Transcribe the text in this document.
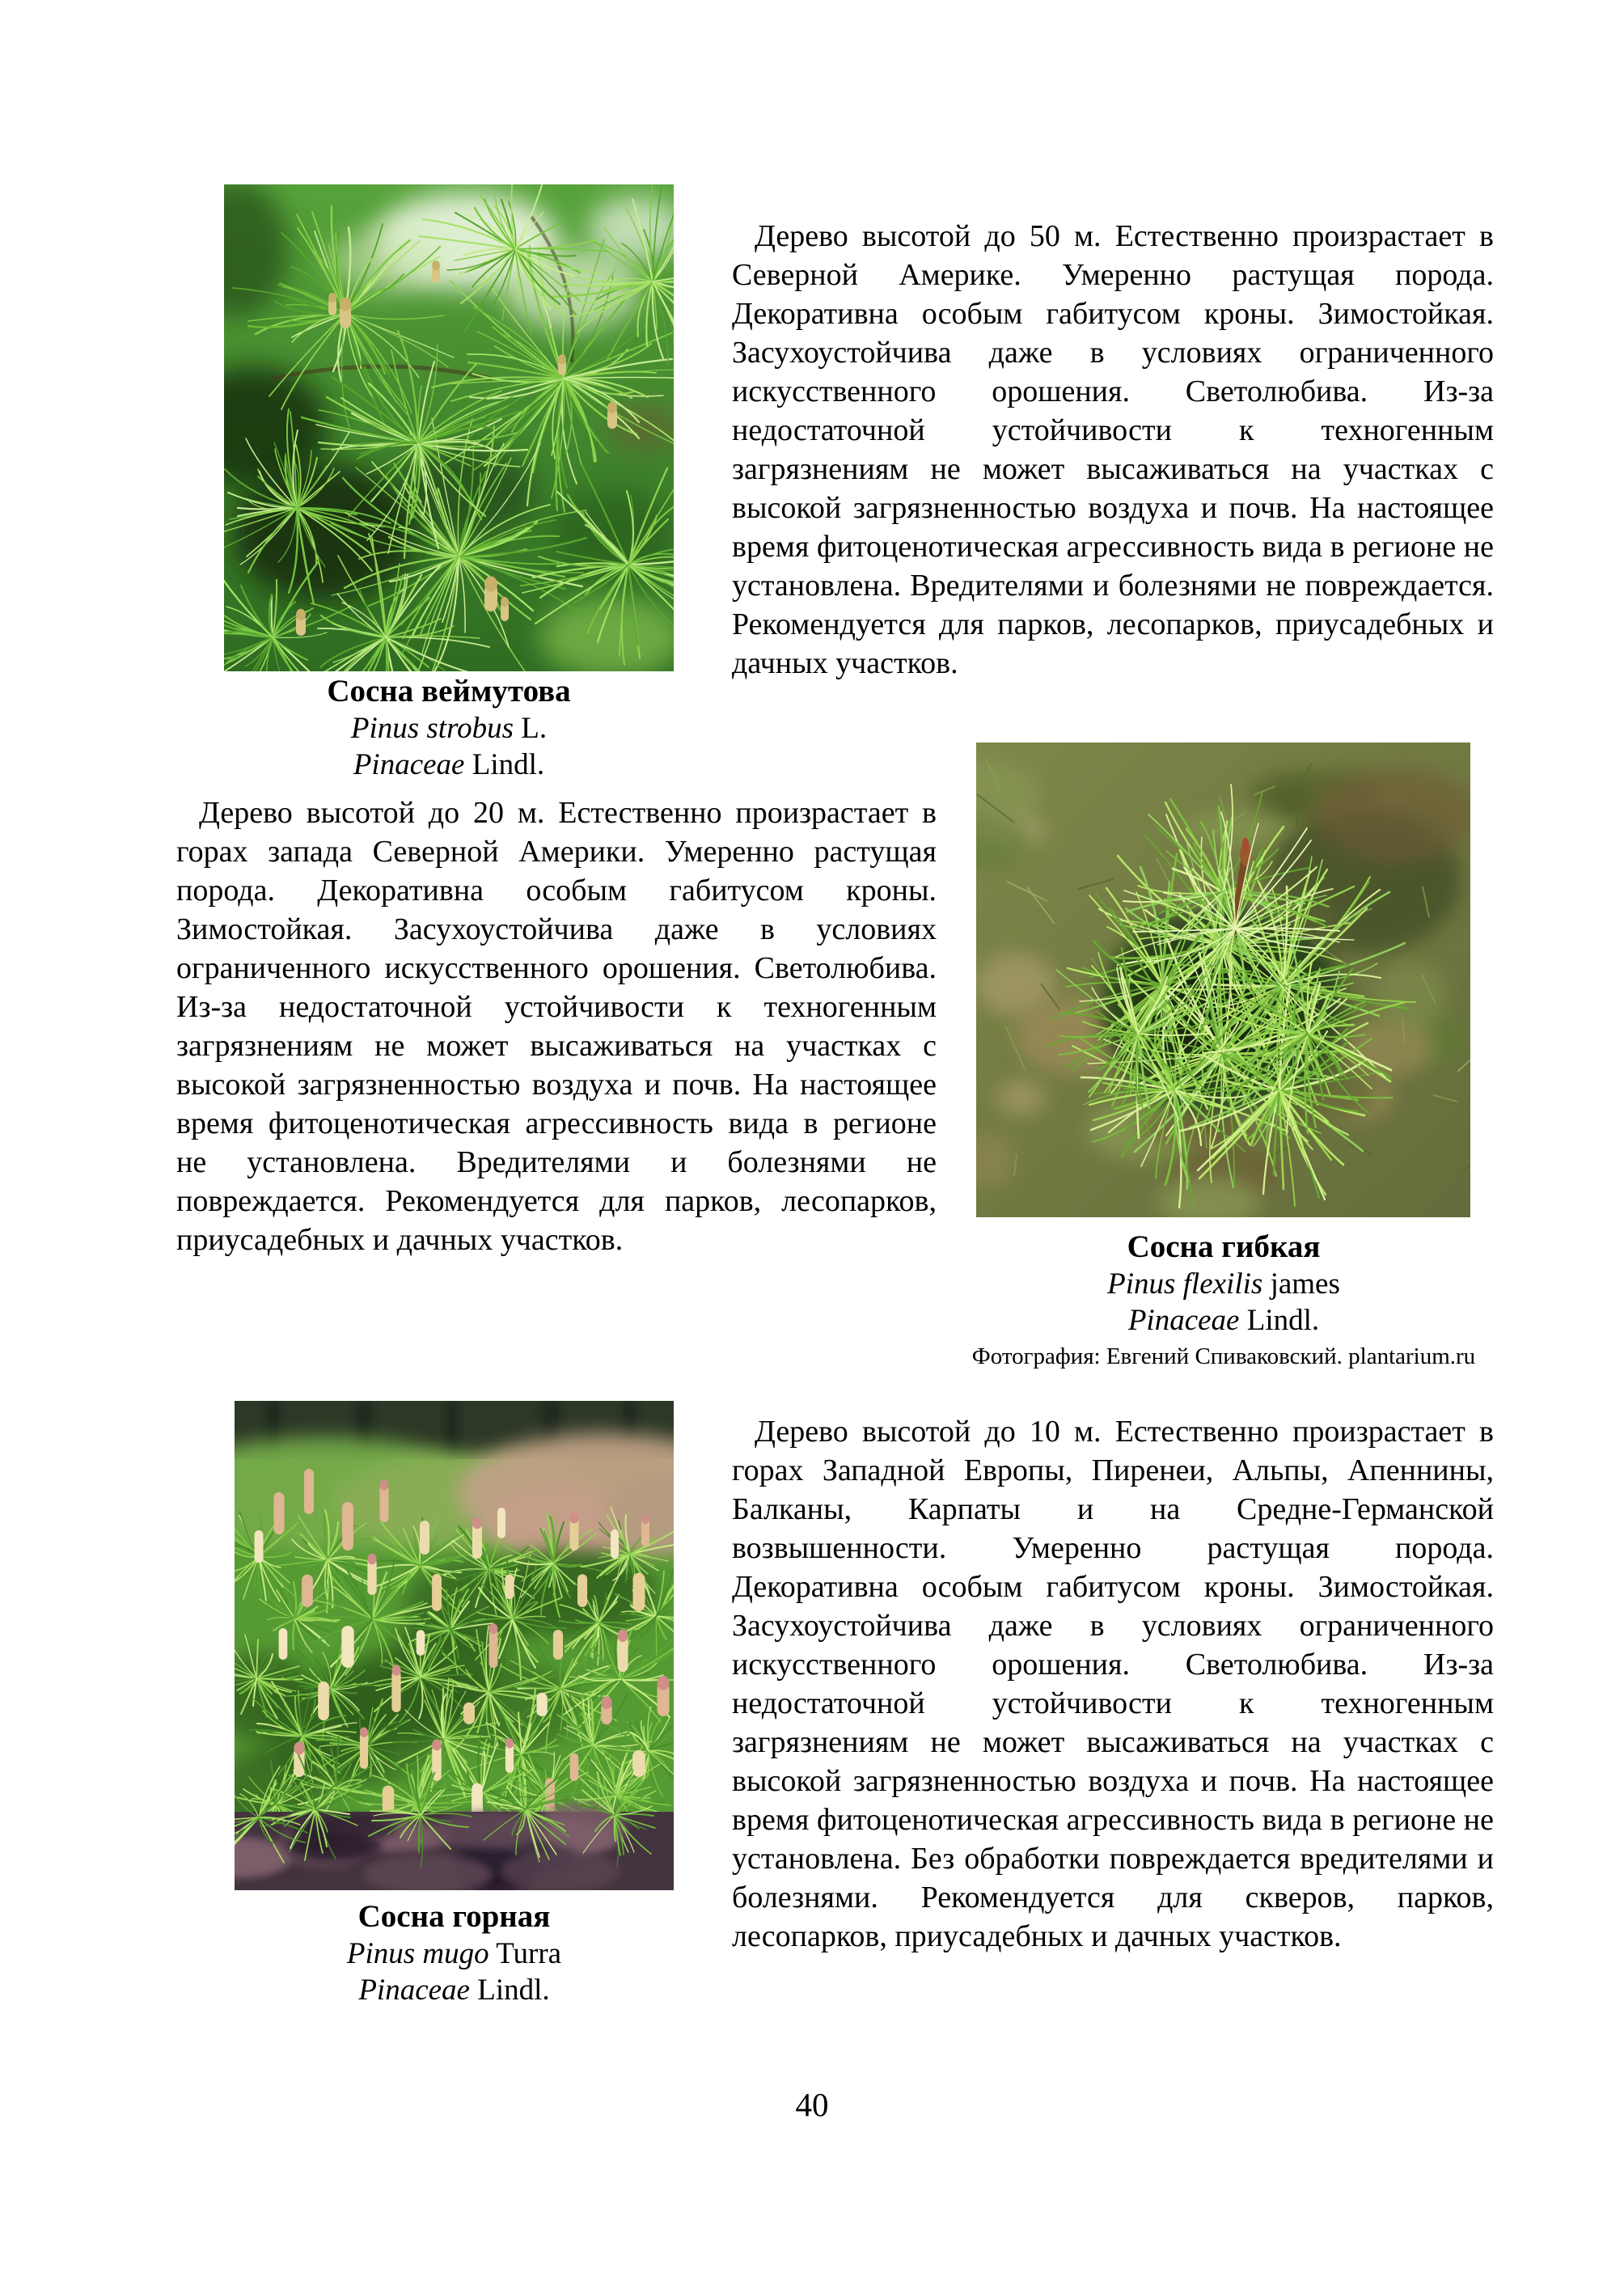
Сосна веймутова
Pinus strobus L.
Pinaceae Lindl.

Дерево высотой до 50 м. Естественно произрастает в Северной Америке. Умеренно растущая порода. Декоративна особым габитусом кроны. Зимостойкая. Засухоустойчива даже в условиях ограниченного искусственного орошения. Светолюбива. Из-за недостаточной устойчивости к техногенным загрязнениям не может высаживаться на участках с высокой загрязненностью воздуха и почв. На настоящее время фитоценотическая агрессивность вида в регионе не установлена. Вредителями и болезнями не повреждается. Рекомендуется для парков, лесопарков, приусадебных и дачных участков.

Дерево высотой до 20 м. Естественно произрастает в горах запада Северной Америки. Умеренно растущая порода. Декоративна особым габитусом кроны. Зимостойкая. Засухоустойчива даже в условиях ограниченного искусственного орошения. Светолюбива. Из-за недостаточной устойчивости к техногенным загрязнениям не может высаживаться на участках с высокой загрязненностью воздуха и почв. На настоящее время фитоценотическая агрессивность вида в регионе не установлена. Вредителями и болезнями не повреждается. Рекомендуется для парков, лесопарков, приусадебных и дачных участков.	Сосна гибкая
Pinus flexilis james
Pinaceae Lindl.
Фотография: Евгений Спиваковский. plantarium.ru
Сосна горная
Pinus mugo Turra
Pinaceae Lindl.

Дерево высотой до 10 м. Естественно произрастает в горах Западной Европы, Пиренеи, Альпы, Апеннины, Балканы, Карпаты и на Средне-Германской возвышенности. Умеренно растущая порода. Декоративна особым габитусом кроны. Зимостойкая. Засухоустойчива даже в условиях ограниченного искусственного орошения. Светолюбива. Из-за недостаточной устойчивости к техногенным загрязнениям не может высаживаться на участках с высокой загрязненностью воздуха и почв. На настоящее время фитоценотическая агрессивность вида в регионе не установлена. Без обработки повреждается вредителями и болезнями. Рекомендуется для скверов, парков, лесопарков, приусадебных и дачных участков.

40
